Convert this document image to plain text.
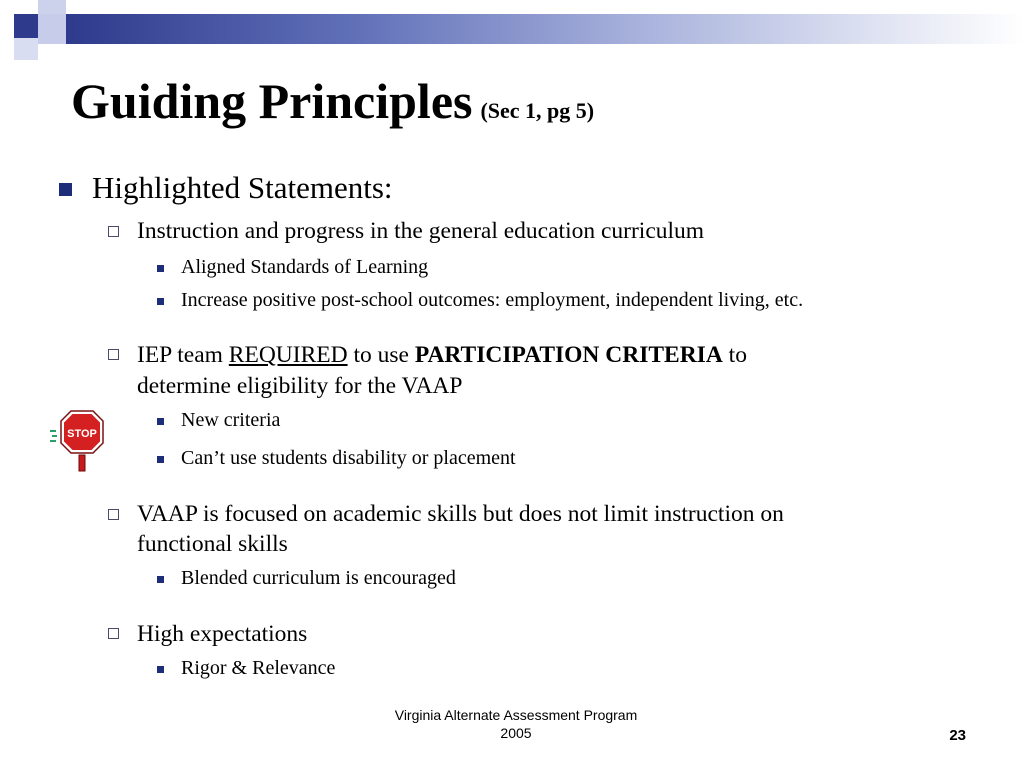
Guiding Principles (Sec 1, pg 5)
Highlighted Statements:
Instruction and progress in the general education curriculum
Aligned Standards of Learning
Increase positive post-school outcomes: employment, independent living, etc.
IEP team REQUIRED to use PARTICIPATION CRITERIA to
determine eligibility for the VAAP
New criteria
Can’t use students disability or placement
VAAP is focused on academic skills but does not limit instruction on
functional skills
Blended curriculum is encouraged
High expectations
Rigor & Relevance
STOP
Virginia Alternate Assessment Program
2005	23
